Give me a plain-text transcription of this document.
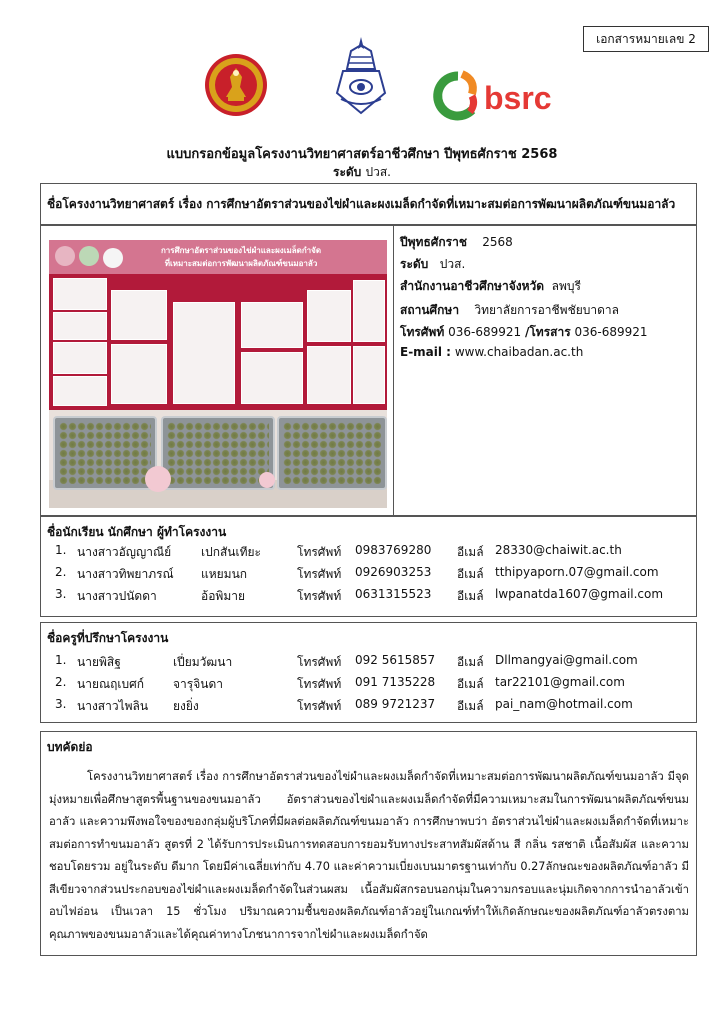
เอกสารหมายเลข 2
bsrc
แบบกรอกข้อมูลโครงงานวิทยาศาสตร์อาชีวศึกษา ปีพุทธศักราช 2568
ระดับ ปวส.
ชื่อโครงงานวิทยาศาสตร์ เรื่อง การศึกษาอัตราส่วนของไข่ผำและผงเมล็ดกำจัดที่เหมาะสมต่อการพัฒนาผลิตภัณฑ์ขนมอาลัว
การศึกษาอัตราส่วนของไข่ผำและผงเมล็ดกำจัด
ที่เหมาะสมต่อการพัฒนาผลิตภัณฑ์ขนมอาลัว
ปีพุทธศักราช 2568
ระดับ ปวส.
สำนักงานอาชีวศึกษาจังหวัด ลพบุรี
สถานศึกษา วิทยาลัยการอาชีพชัยบาดาล
โทรศัพท์ 036-689921 /โทรสาร 036-689921
E-mail : www.chaibadan.ac.th
ชื่อนักเรียน นักศึกษา ผู้ทำโครงงาน
1. นางสาวอัญญาณีย์ เปกสันเทียะ	โทรศัพท์ 0983769280 อีเมล์ 28330@chaiwit.ac.th
2. นางสาวทิพยาภรณ์ แหยมนก	โทรศัพท์ 0926903253 อีเมล์ tthipyaporn.07@gmail.com
3. นางสาวปนัดดา	อ้อพิมาย	โทรศัพท์ 0631315523 อีเมล์ lwpanatda1607@gmail.com
ชื่อครูที่ปรึกษาโครงงาน
1. นายพิสิฐ	เปี่ยมวัฒนา	โทรศัพท์ 092 5615857 อีเมล์ Dllmangyai@gmail.com
2. นายณฤเบศก์ จารุจินดา	โทรศัพท์ 091 7135228 อีเมล์ tar22101@gmail.com
3. นางสาวไพลิน ยงยิ่ง	โทรศัพท์ 089 9721237 อีเมล์ pai_nam@hotmail.com
บทคัดย่อ
โครงงานวิทยาศาสตร์ เรื่อง การศึกษาอัตราส่วนของไข่ผำและผงเมล็ดกำจัดที่เหมาะสมต่อการพัฒนาผลิตภัณฑ์ขนมอาลัว มีจุดมุ่งหมายเพื่อศึกษาสูตรพื้นฐานของขนมอาลัว อัตราส่วนของไข่ผำและผงเมล็ดกำจัดที่มีความเหมาะสมในการพัฒนาผลิตภัณฑ์ขนมอาลัว และความพึงพอใจของของกลุ่มผู้บริโภคที่มีผลต่อผลิตภัณฑ์ขนมอาลัว การศึกษาพบว่า อัตราส่วนไข่ผำและผงเมล็ดกำจัดที่เหมาะสมต่อการทำขนมอาลัว สูตรที่ 2 ได้รับการประเมินการทดสอบการยอมรับทางประสาทสัมผัสด้าน สี กลิ่น รสชาติ เนื้อสัมผัส และความชอบโดยรวม อยู่ในระดับ ดีมาก โดยมีค่าเฉลี่ยเท่ากับ 4.70 และค่าความเบี่ยงเบนมาตรฐานเท่ากับ 0.27ลักษณะของผลิตภัณฑ์อาลัว มีสีเขียวจากส่วนประกอบของไข่ผำและผงเมล็ดกำจัดในส่วนผสม เนื้อสัมผัสกรอบนอกนุ่มในความกรอบและนุ่มเกิดจากการนำอาลัวเข้าอบไฟอ่อน เป็นเวลา 15 ชั่วโมง ปริมาณความชื้นของผลิตภัณฑ์อาลัวอยู่ในเกณฑ์ทำให้เกิดลักษณะของผลิตภัณฑ์อาลัวตรงตามคุณภาพของขนมอาลัวและได้คุณค่าทางโภชนาการจากไข่ผำและผงเมล็ดกำจัด
